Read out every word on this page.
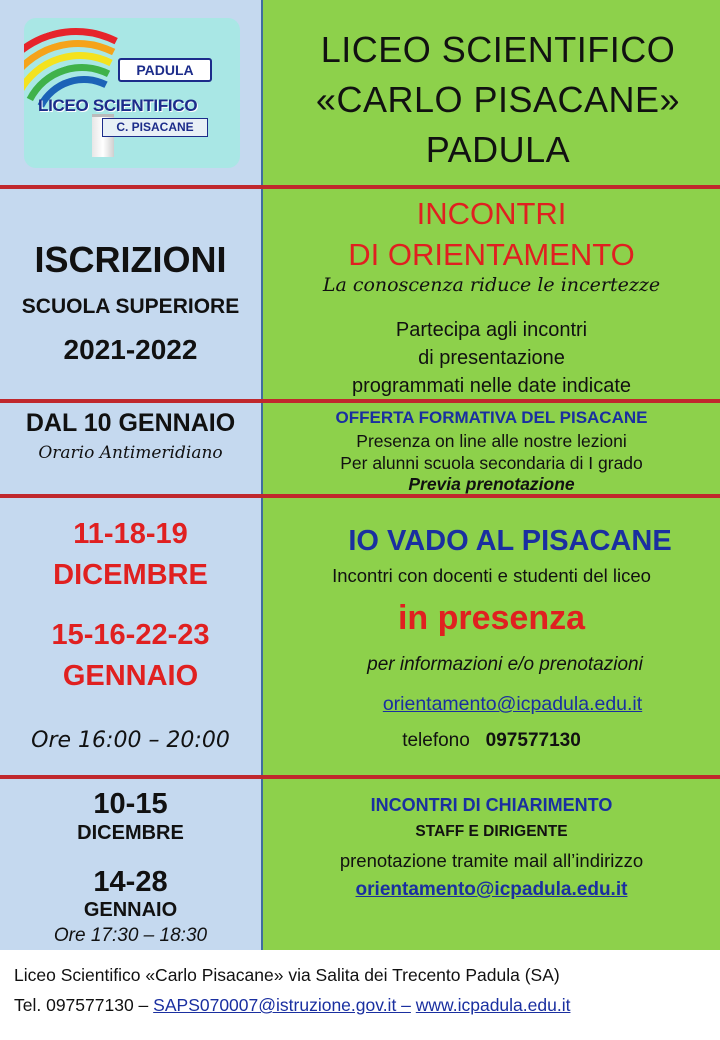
PADULA
LICEO SCIENTIFICO
C. PISACANE
LICEO SCIENTIFICO
«CARLO PISACANE»
PADULA
ISCRIZIONI
SCUOLA SUPERIORE
2021-2022
INCONTRI
DI ORIENTAMENTO
La conoscenza riduce le incertezze
Partecipa agli incontri
di presentazione
programmati nelle date indicate
DAL 10 GENNAIO
Orario Antimeridiano
OFFERTA FORMATIVA DEL PISACANE
Presenza on line alle nostre lezioni
Per alunni scuola secondaria di I grado
Previa prenotazione
11-18-19
DICEMBRE
15-16-22-23
GENNAIO
Ore 16:00 – 20:00
IO VADO AL PISACANE
Incontri con docenti e studenti del liceo
in presenza
per informazioni e/o prenotazioni
orientamento@icpadula.edu.it
telefono 097577130
10-15
DICEMBRE
14-28
GENNAIO
Ore 17:30 – 18:30
INCONTRI DI CHIARIMENTO
STAFF E DIRIGENTE
prenotazione tramite mail all’indirizzo
orientamento@icpadula.edu.it
Liceo Scientifico «Carlo Pisacane» via Salita dei Trecento Padula (SA)
Tel. 097577130 – SAPS070007@istruzione.gov.it – www.icpadula.edu.it
